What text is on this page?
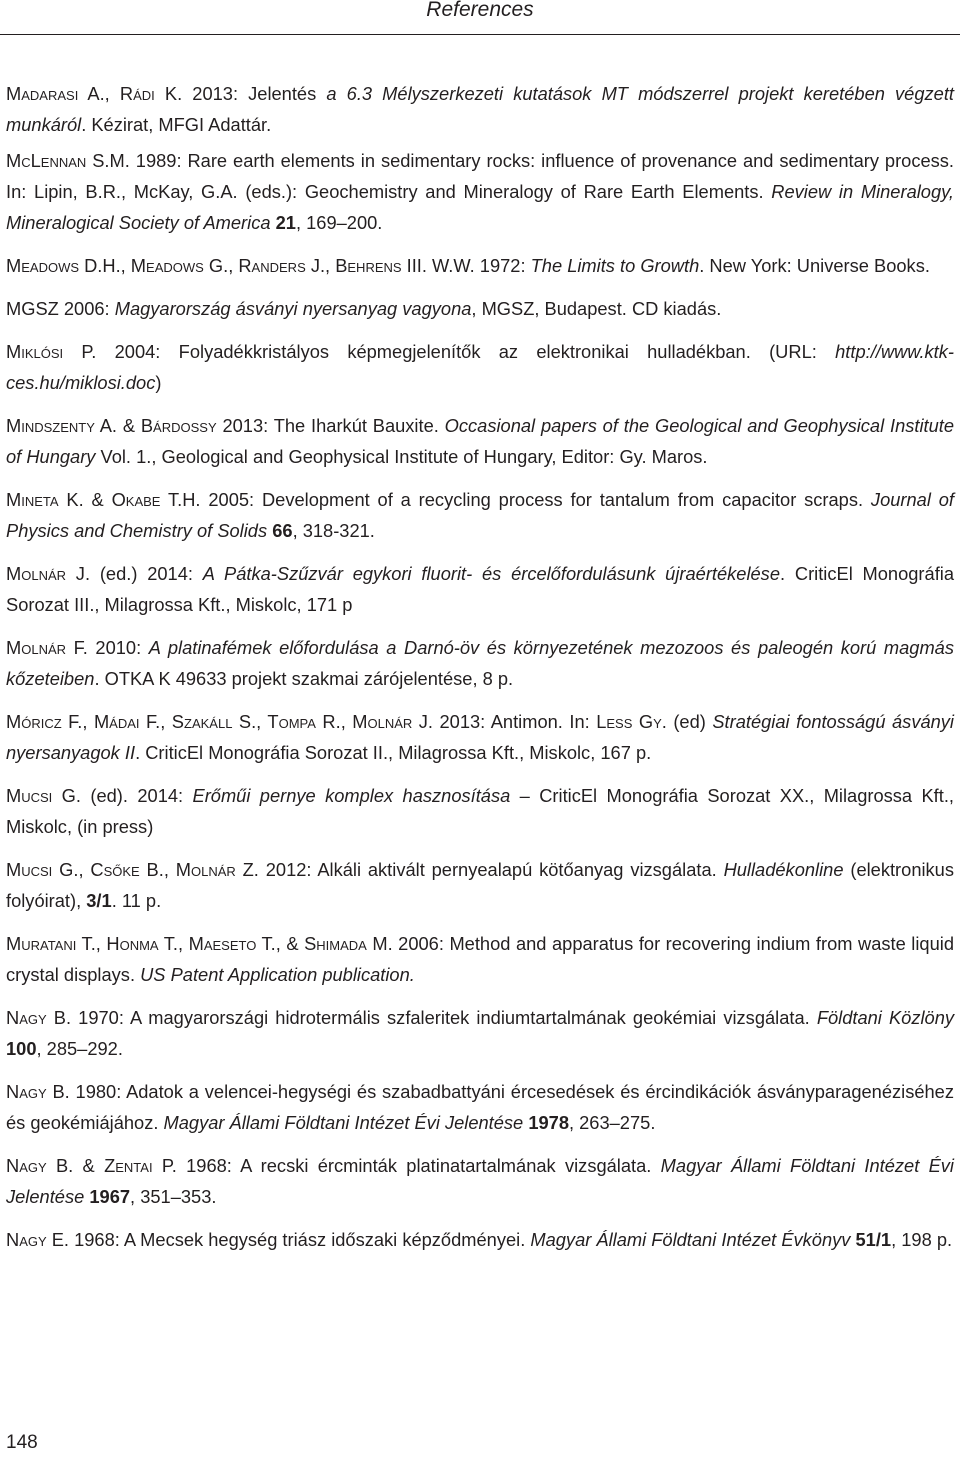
References

Madarasi A., Rádi K. 2013: Jelentés a 6.3 Mélyszerkezeti kutatások MT módszerrel projekt keretében végzett munkáról. Kézirat, MFGI Adattár.

McLennan S.M. 1989: Rare earth elements in sedimentary rocks: influence of provenance and sedimentary process. In: Lipin, B.R., McKay, G.A. (eds.): Geochemistry and Mineralogy of Rare Earth Elements. Review in Mineralogy, Mineralogical Society of America 21, 169–200.

Meadows D.H., Meadows G., Randers J., Behrens III. W.W. 1972: The Limits to Growth. New York: Universe Books.

MGSZ 2006: Magyarország ásványi nyersanyag vagyona, MGSZ, Budapest. CD kiadás.

Miklósi P. 2004: Folyadékkristályos képmegjelenítők az elektronikai hulladékban. (URL: http://www.ktk-ces.hu/miklosi.doc)

Mindszenty A. & Bárdossy 2013: The Iharkút Bauxite. Occasional papers of the Geological and Geophysical Institute of Hungary Vol. 1., Geological and Geophysical Institute of Hungary, Editor: Gy. Maros.

Mineta K. & Okabe T.H. 2005: Development of a recycling process for tantalum from capacitor scraps. Journal of Physics and Chemistry of Solids 66, 318-321.

Molnár J. (ed.) 2014: A Pátka-Szűzvár egykori fluorit- és ércelőfordulásunk újraértékelése. CriticEl Monográfia Sorozat III., Milagrossa Kft., Miskolc, 171 p

Molnár F. 2010: A platinafémek előfordulása a Darnó-öv és környezetének mezozoos és paleogén korú magmás kőzeteiben. OTKA K 49633 projekt szakmai zárójelentése, 8 p.

Móricz F., Mádai F., Szakáll S., Tompa R., Molnár J. 2013: Antimon. In: Less Gy. (ed) Stratégiai fontosságú ásványi nyersanyagok II. CriticEl Monográfia Sorozat II., Milagrossa Kft., Miskolc, 167 p.

Mucsi G. (ed). 2014: Erőműi pernye komplex hasznosítása – CriticEl Monográfia Sorozat XX., Milagrossa Kft., Miskolc, (in press)

Mucsi G., Csőke B., Molnár Z. 2012: Alkáli aktivált pernyealapú kötőanyag vizsgálata. Hulladékonline (elektronikus folyóirat), 3/1. 11 p.

Muratani T., Honma T., Maeseto T., & Shimada M. 2006: Method and apparatus for recovering indium from waste liquid crystal displays. US Patent Application publication.

Nagy B. 1970: A magyarországi hidrotermális szfaleritek indiumtartalmának geokémiai vizsgálata. Földtani Közlöny 100, 285–292.

Nagy B. 1980: Adatok a velencei-hegységi és szabadbattyáni ércesedések és ércindikációk ásványparagenéziséhez és geokémiájához. Magyar Állami Földtani Intézet Évi Jelentése 1978, 263–275.

Nagy B. & Zentai P. 1968: A recski ércminták platinatartalmának vizsgálata. Magyar Állami Földtani Intézet Évi Jelentése 1967, 351–353.

Nagy E. 1968: A Mecsek hegység triász időszaki képződményei. Magyar Állami Földtani Intézet Évkönyv 51/1, 198 p.

148
